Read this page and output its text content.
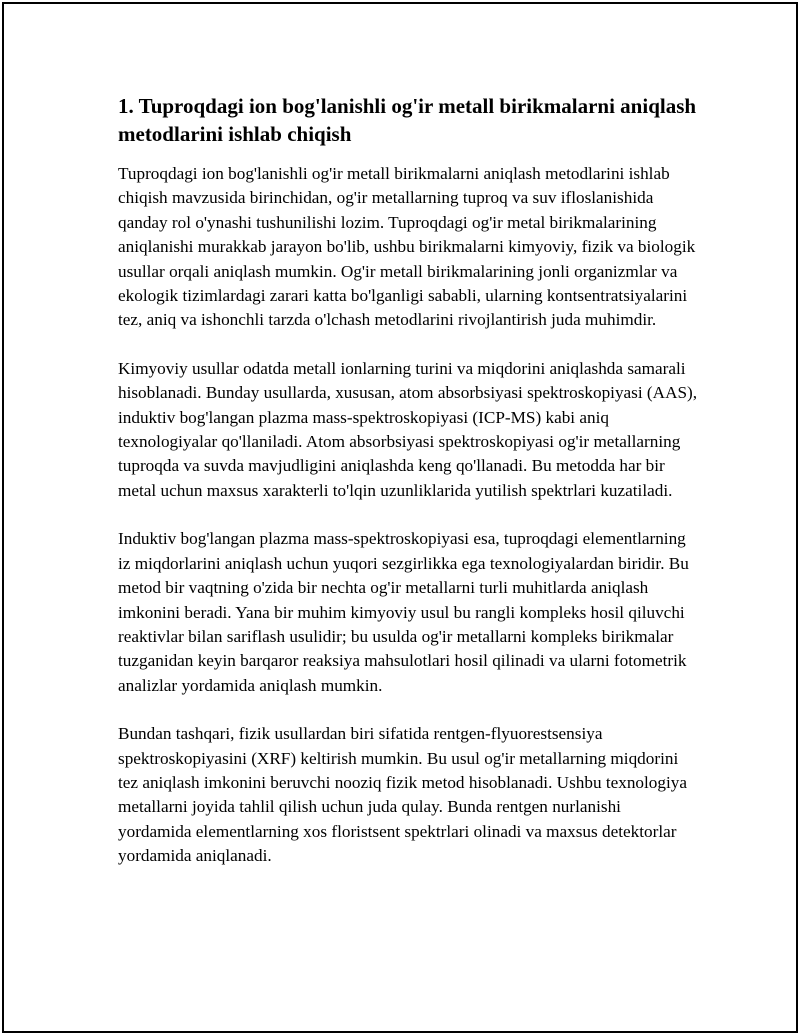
1. Tuproqdagi ion bog'lanishli og'ir metall birikmalarni aniqlash metodlarini ishlab chiqish

Tuproqdagi ion bog'lanishli og'ir metall birikmalarni aniqlash metodlarini ishlab chiqish mavzusida birinchidan, og'ir metallarning tuproq va suv ifloslanishida qanday rol o'ynashi tushunilishi lozim. Tuproqdagi og'ir metal birikmalarining aniqlanishi murakkab jarayon bo'lib, ushbu birikmalarni kimyoviy, fizik va biologik usullar orqali aniqlash mumkin. Og'ir metall birikmalarining jonli organizmlar va ekologik tizimlardagi zarari katta bo'lganligi sababli, ularning kontsentratsiyalarini tez, aniq va ishonchli tarzda o'lchash metodlarini rivojlantirish juda muhimdir.

Kimyoviy usullar odatda metall ionlarning turini va miqdorini aniqlashda samarali hisoblanadi. Bunday usullarda, xususan, atom absorbsiyasi spektroskopiyasi (AAS), induktiv bog'langan plazma mass-spektroskopiyasi (ICP-MS) kabi aniq texnologiyalar qo'llaniladi. Atom absorbsiyasi spektroskopiyasi og'ir metallarning tuproqda va suvda mavjudligini aniqlashda keng qo'llanadi. Bu metodda har bir metal uchun maxsus xarakterli to'lqin uzunliklarida yutilish spektrlari kuzatiladi.

Induktiv bog'langan plazma mass-spektroskopiyasi esa, tuproqdagi elementlarning iz miqdorlarini aniqlash uchun yuqori sezgirlikka ega texnologiyalardan biridir. Bu metod bir vaqtning o'zida bir nechta og'ir metallarni turli muhitlarda aniqlash imkonini beradi. Yana bir muhim kimyoviy usul bu rangli kompleks hosil qiluvchi reaktivlar bilan sariflash usulidir; bu usulda og'ir metallarni kompleks birikmalar tuzganidan keyin barqaror reaksiya mahsulotlari hosil qilinadi va ularni fotometrik analizlar yordamida aniqlash mumkin.

Bundan tashqari, fizik usullardan biri sifatida rentgen-flyuorestsensiya spektroskopiyasini (XRF) keltirish mumkin. Bu usul og'ir metallarning miqdorini tez aniqlash imkonini beruvchi nooziq fizik metod hisoblanadi. Ushbu texnologiya metallarni joyida tahlil qilish uchun juda qulay. Bunda rentgen nurlanishi yordamida elementlarning xos floristsent spektrlari olinadi va maxsus detektorlar yordamida aniqlanadi.
